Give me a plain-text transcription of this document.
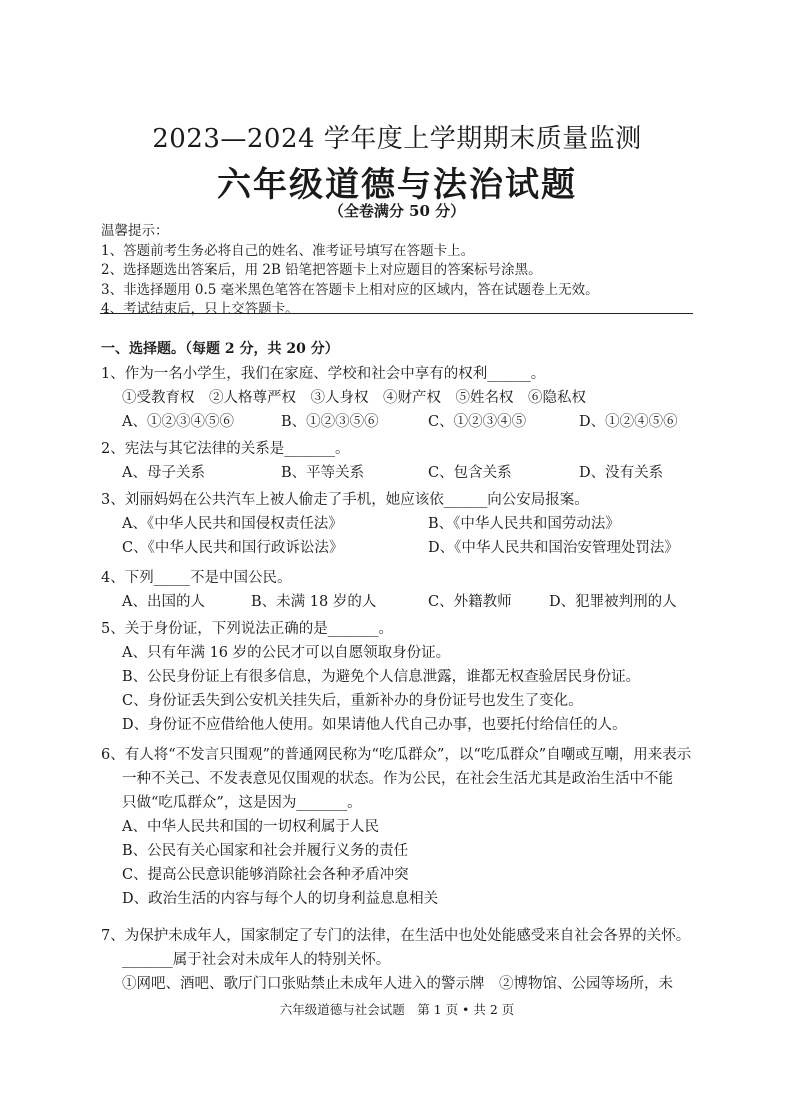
2023—2024 学年度上学期期末质量监测
六年级道德与法治试题
（全卷满分 50 分）
温馨提示：
1、答题前考生务必将自己的姓名、准考证号填写在答题卡上。
2、选择题选出答案后，用 2B 铅笔把答题卡上对应题目的答案标号涂黑。
3、非选择题用 0.5 毫米黑色笔答在答题卡上相对应的区域内，答在试题卷上无效。
4、考试结束后，只上交答题卡。
一、选择题。（每题 2 分，共 20 分）
1、作为一名小学生，我们在家庭、学校和社会中享有的权利______。
①受教育权　②人格尊严权　③人身权　④财产权　⑤姓名权　⑥隐私权
A、①②③④⑤⑥	B、①②③⑤⑥	C、①②③④⑤	D、①②④⑤⑥
2、宪法与其它法律的关系是_______。
A、母子关系	B、平等关系	C、包含关系	D、没有关系
3、刘丽妈妈在公共汽车上被人偷走了手机，她应该依______向公安局报案。
A、《中华人民共和国侵权责任法》	B、《中华人民共和国劳动法》
C、《中华人民共和国行政诉讼法》	D、《中华人民共和国治安管理处罚法》
4、下列_____不是中国公民。
A、出国的人	B、未满 18 岁的人	C、外籍教师	D、犯罪被判刑的人
5、关于身份证，下列说法正确的是_______。
A、只有年满 16 岁的公民才可以自愿领取身份证。
B、公民身份证上有很多信息，为避免个人信息泄露，谁都无权查验居民身份证。
C、身份证丢失到公安机关挂失后，重新补办的身份证号也发生了变化。
D、身份证不应借给他人使用。如果请他人代自己办事，也要托付给信任的人。
6、有人将“不发言只围观”的普通网民称为“吃瓜群众”，以“吃瓜群众”自嘲或互嘲，用来表示
一种不关己、不发表意见仅围观的状态。作为公民，在社会生活尤其是政治生活中不能
只做“吃瓜群众”，这是因为_______。
A、中华人民共和国的一切权利属于人民
B、公民有关心国家和社会并履行义务的责任
C、提高公民意识能够消除社会各种矛盾冲突
D、政治生活的内容与每个人的切身利益息息相关
7、为保护未成年人，国家制定了专门的法律，在生活中也处处能感受来自社会各界的关怀。
_______属于社会对未成年人的特别关怀。
①网吧、酒吧、歌厅门口张贴禁止未成年人进入的警示牌　②博物馆、公园等场所，未
六年级道德与社会试题　第 1 页 • 共 2 页
